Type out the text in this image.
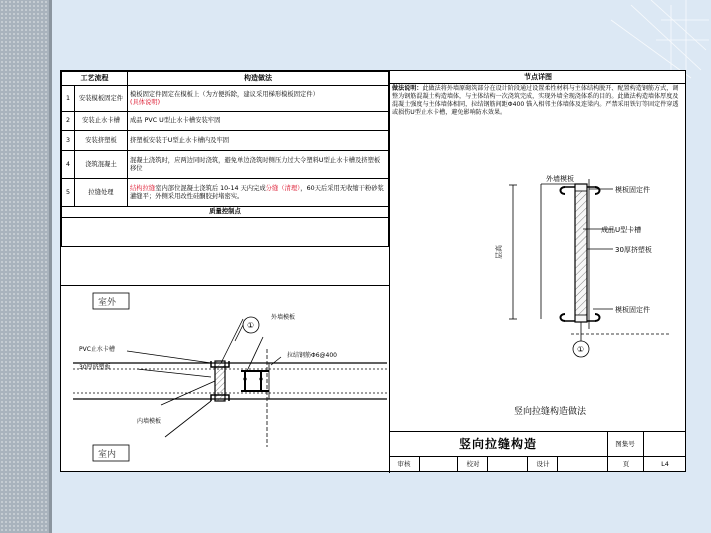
工艺流程		构造做法
1	安装模板固定件	模板固定件固定在模板上（为方便拆除，建议采用梯形模板固定件）
(具体说明)
2	安装止水卡槽	成品 PVC U型止水卡槽安装牢固
3	安装挤塑板	挤塑板安装于U型止水卡槽内及牢固
4	浇筑混凝土	混凝土浇筑时，应两边同时浇筑，避免单边浇筑时侧压力过大令塑料U型止水卡槽及挤塑板移位
5	拉缝处理	结构拉缝室内部位混凝土浇筑后 10-14 天内完成分缝（清理），60天后采用无收缩干粉砂浆灌缝平；外侧采用改性硅酮胶封堵密实。
质量控制点		

节点详图
做法说明：此做法将外墙原砌筑部分在设计阶段通过设置柔性材料与主体结构脱开、配置构造钢筋方式，调整为钢筋混凝土构造墙体，与主体结构一次浇筑完成，实现外墙全现浇体系的目的。此做法构造墙体厚度及混凝土强度与主体墙体相同，拉结钢筋间距Φ400 锚入相邻主体墙体及连梁内。严禁采用铁钉等固定件穿透或损伤U型止水卡槽，避免影响防水效果。
外墙模板
模板固定件
成品U型卡槽
30厚挤塑板
模板固定件
层高
①
室外
室内
PVC止水卡槽
30厚挤塑板
拉结钢筋Φ6@400
外墙模板
内墙模板
①
竖向拉缝构造做法
竖向拉缝构造	图集号
审核	校对	设计	页	L4
